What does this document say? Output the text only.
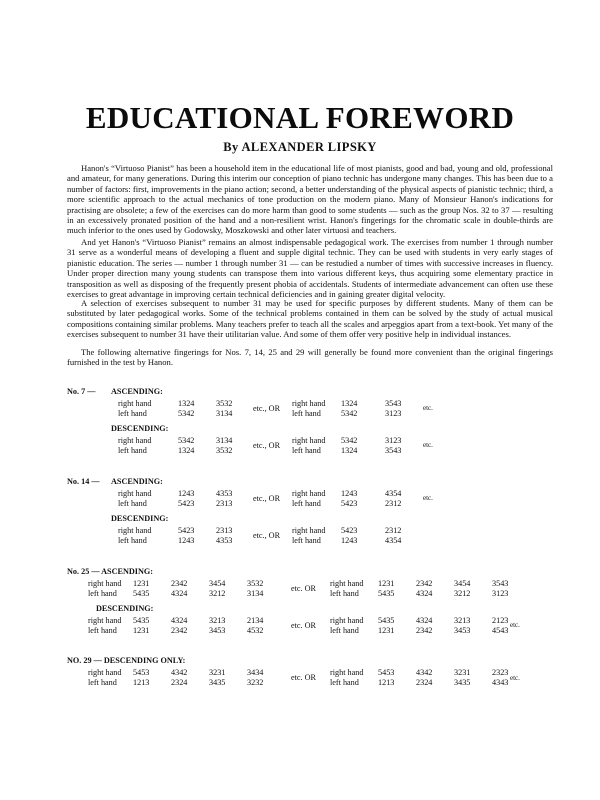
EDUCATIONAL FOREWORD
By ALEXANDER LIPSKY

Hanon's “Virtuoso Pianist” has been a household item in the educational life of most pianists, good and bad, young and old, professional and amateur, for many generations. During this interim our conception of piano technic has undergone many changes. This has been due to a number of factors: first, improvements in the piano action; second, a better understanding of the physical aspects of pianistic technic; third, a more scientific approach to the actual mechanics of tone production on the modern piano. Many of Monsieur Hanon's indications for practising are obsolete; a few of the exercises can do more harm than good to some students — such as the group Nos. 32 to 37 — resulting in an excessively pronated position of the hand and a non-resilient wrist. Hanon's fingerings for the chromatic scale in double-thirds are much inferior to the ones used by Godowsky, Moszkowski and other later virtuosi and teachers.

And yet Hanon's “Virtuoso Pianist” remains an almost indispensable pedagogical work. The exercises from number 1 through number 31 serve as a wonderful means of developing a fluent and supple digital technic. They can be used with students in very early stages of pianistic education. The series — number 1 through number 31 — can be restudied a number of times with successive increases in fluency. Under proper direction many young students can transpose them into various different keys, thus acquiring some elementary practice in transposition as well as disposing of the frequently present phobia of accidentals. Students of intermediate advancement can often use these exercises to great advantage in improving certain technical deficiencies and in gaining greater digital velocity.

A selection of exercises subsequent to number 31 may be used for specific purposes by different students. Many of them can be substituted by later pedagogical works. Some of the technical problems contained in them can be solved by the study of actual musical compositions containing similar problems. Many teachers prefer to teach all the scales and arpeggios apart from a text-book. Yet many of the exercises subsequent to number 31 have their utilitarian value. And some of them offer very positive help in individual instances.

The following alternative fingerings for Nos. 7, 14, 25 and 29 will generally be found more convenient than the original fingerings furnished in the test by Hanon.

No. 7 — ASCENDING:
right hand	1324	3532
left hand	5342	3134
etc., OR
right hand 1324	3543
left hand 5342	3123
etc.
DESCENDING:
right hand	5342	3134
left hand	1324	3532
etc., OR
right hand 5342	3123
left hand 1324	3543
etc.
No. 14 — ASCENDING:
right hand	1243	4353
left hand	5423	2313
etc., OR
right hand 1243	4354
left hand 5423	2312
etc.
DESCENDING:
right hand	5423	2313
left hand	1243	4353
etc., OR
right hand 5423	2312
left hand 1243	4354
No. 25 — ASCENDING:
right hand 1231	2342	3454	3532
left hand 5435	4324	3212	3134
etc. OR
right hand 1231	2342	3454	3543
left hand 5435	4324	3212	3123
DESCENDING:
right hand 5435	4324	3213	2134
left hand 1231	2342	3453	4532
etc. OR
right hand 5435	4324	3213	2123
left hand 1231	2342	3453	4543
etc.
NO. 29 — DESCENDING ONLY:
right hand 5453	4342	3231	3434
left hand 1213	2324	3435	3232
etc. OR
right hand 5453	4342	3231	2323
left hand 1213	2324	3435	4343 etc.
